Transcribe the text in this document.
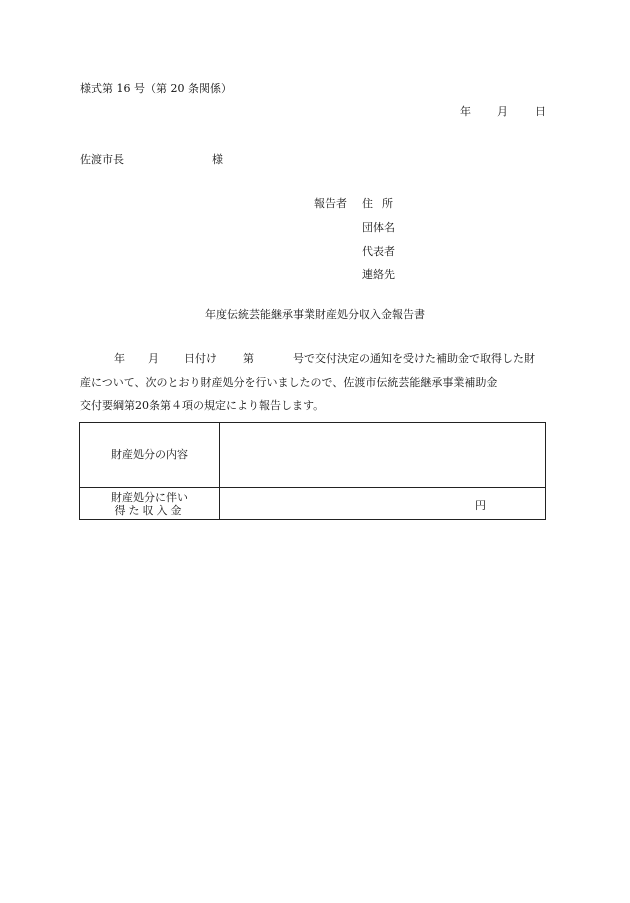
様式第 16 号（第 20 条関係）
年 月 日
佐渡市長	様
報告者 住所
団体名
代表者
連絡先
年度伝統芸能継承事業財産処分収入金報告書
年 月 日付け 第	号で交付決定の通知を受けた補助金で取得した財
産について、次のとおり財産処分を行いましたので、佐渡市伝統芸能継承事業補助金
交付要綱第20条第４項の規定により報告します。
財産処分の内容	

財産処分に伴い
得た収入金	円
